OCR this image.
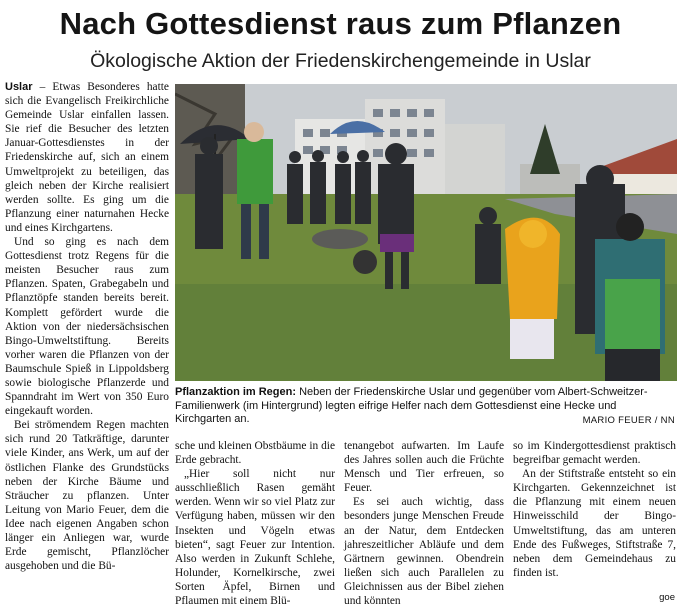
Nach Gottesdienst raus zum Pflanzen
Ökologische Aktion der Friedenskirchengemeinde in Uslar

Uslar – Etwas Besonderes hatte sich die Evangelisch Freikirchliche Gemeinde Uslar einfallen lassen. Sie rief die Besucher des letzten Januar-Gottesdienstes in der Friedenskirche auf, sich an einem Umweltprojekt zu beteiligen, das gleich neben der Kirche realisiert werden sollte. Es ging um die Pflanzung einer naturnahen Hecke und eines Kirchgartens.

Und so ging es nach dem Gottesdienst trotz Regens für die meisten Besucher raus zum Pflanzen. Spaten, Grabegabeln und Pflanztöpfe standen bereits bereit. Komplett gefördert wurde die Aktion von der niedersächsischen Bingo-Umweltstiftung. Bereits vorher waren die Pflanzen von der Baumschule Spieß in Lippoldsberg sowie biologische Pflanzerde und Spanndraht im Wert von 350 Euro eingekauft worden.

Bei strömendem Regen machten sich rund 20 Tatkräftige, darunter viele Kinder, ans Werk, um auf der östlichen Flanke des Grundstücks neben der Kirche Bäume und Sträucher zu pflanzen. Unter Leitung von Mario Feuer, dem die Idee nach eigenen Angaben schon länger ein Anliegen war, wurde Erde gemischt, Pflanzlöcher ausgehoben und die Bü-

Pflanzaktion im Regen: Neben der Friedenskirche Uslar und gegenüber vom Albert-Schweitzer-Familienwerk (im Hintergrund) legten eifrige Helfer nach dem Gottesdienst eine Hecke und Kirchgarten an.	MARIO FEUER / NN

sche und kleinen Obstbäume in die Erde gebracht.

„Hier soll nicht nur ausschließlich Rasen gemäht werden. Wenn wir so viel Platz zur Verfügung haben, müssen wir den Insekten und Vögeln etwas bieten“, sagt Feuer zur Intention. Also werden in Zukunft Schlehe, Holunder, Kornelkirsche, zwei Sorten Äpfel, Birnen und Pflaumen mit einem Blü-

tenangebot aufwarten. Im Laufe des Jahres sollen auch die Früchte Mensch und Tier erfreuen, so Feuer.

Es sei auch wichtig, dass besonders junge Menschen Freude an der Natur, dem Entdecken jahreszeitlicher Abläufe und dem Gärtnern gewinnen. Obendrein ließen sich auch Parallelen zu Gleichnissen aus der Bibel ziehen und könnten

so im Kindergottesdienst praktisch begreifbar gemacht werden.

An der Stiftstraße entsteht so ein Kirchgarten. Gekennzeichnet ist die Pflanzung mit einem neuen Hinweisschild der Bingo-Umweltstiftung, das am unteren Ende des Fußweges, Stiftstraße 7, neben dem Gemeindehaus zu finden ist.

goe
